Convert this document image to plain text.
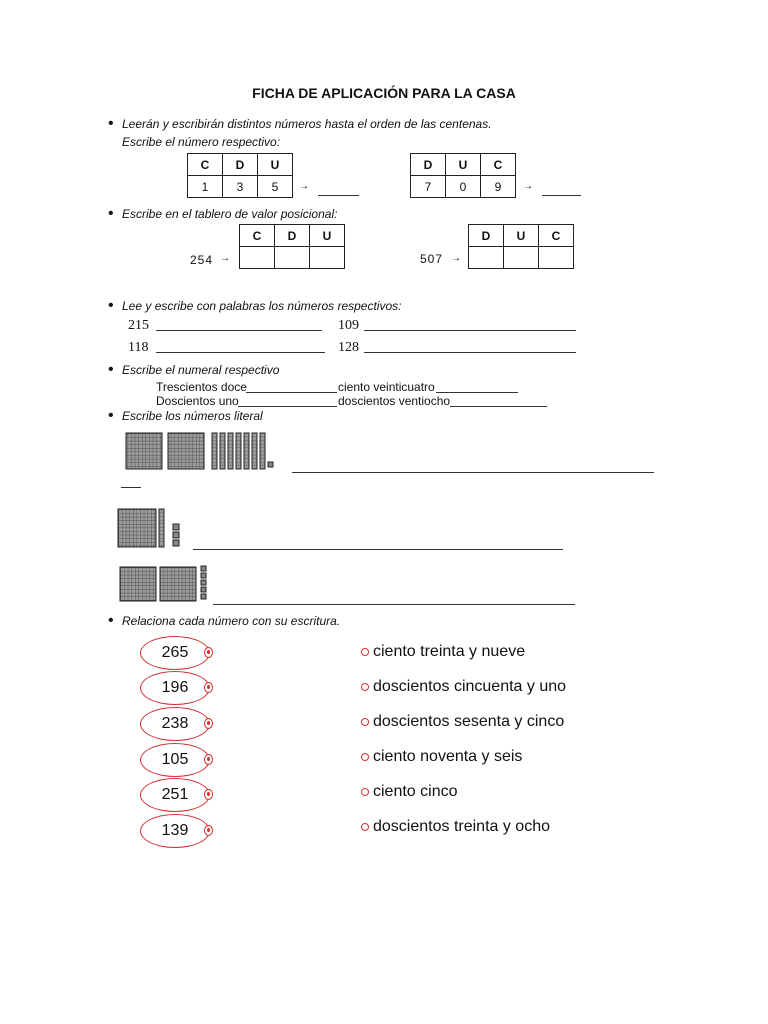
FICHA DE APLICACIÓN PARA LA CASA
• Leerán y escribirán distintos números hasta el orden de las centenas.
Escribe el número respectivo:
C	D	U
1	3	5 →
D	U	C
7	0	9 →
• Escribe en el tablero de valor posicional:
254 →
C	D	U

507 →
D	U	C

• Lee y escribe con palabras los números respectivos:
215	109
118	128
• Escribe el numeral respectivo
Trescientos doce	ciento veinticuatro
Doscientos uno	doscientos ventiocho
• Escribe los números literal
• Relaciona cada número con su escritura.
265
196
238
105
251
139
ciento treinta y nueve
doscientos cincuenta y uno
doscientos sesenta y cinco
ciento noventa y seis
ciento cinco
doscientos treinta y ocho
